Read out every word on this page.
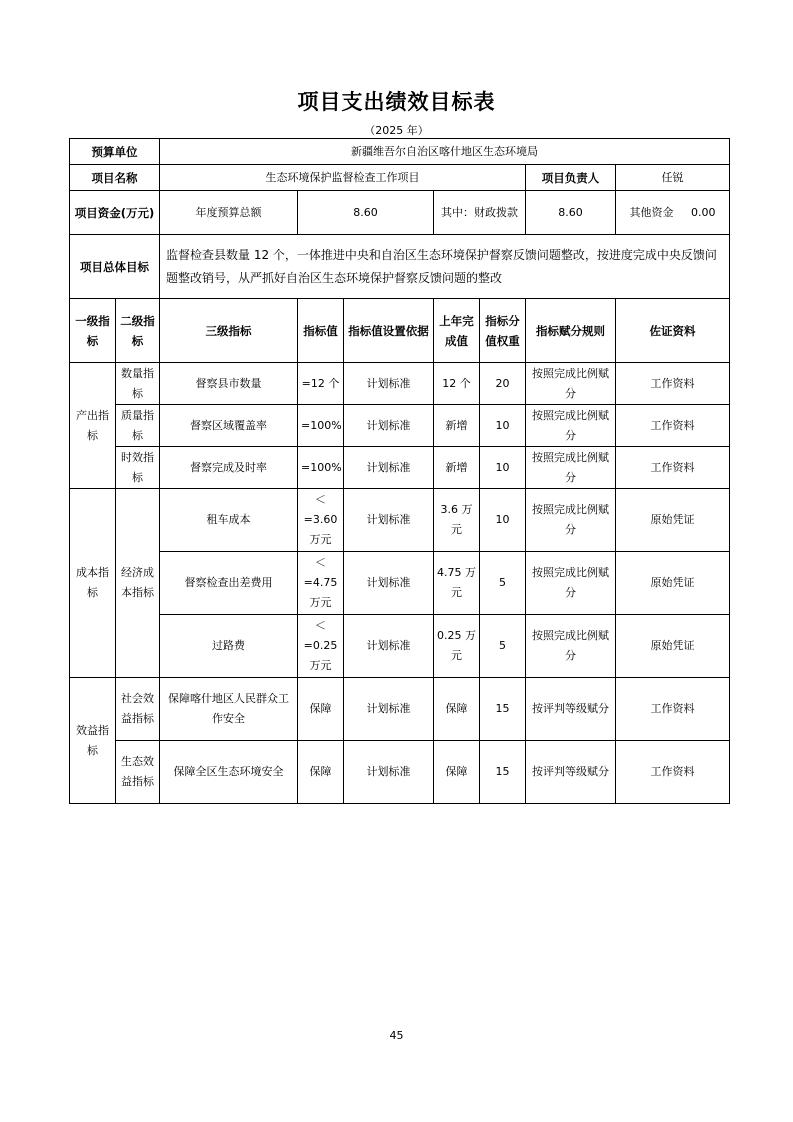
项目支出绩效目标表
（2025 年）
预算单位		新疆维吾尔自治区喀什地区生态环境局						
项目名称		生态环境保护监督检查工作项目					项目负责人	任锐
项目资金(万元)		年度预算总额	8.60		其中：财政拨款		8.60	其他资金 0.00
项目总体目标		监督检查县数量 12 个，一体推进中央和自治区生态环境保护督察反馈问题整改，按进度完成中央反馈问题整改销号，从严抓好自治区生态环境保护督察反馈问题的整改						
一级指标	二级指标	三级指标	指标值	指标值设置依据	上年完成值	指标分值权重	指标赋分规则	佐证资料
产出指标	数量指标	督察县市数量	=12 个	计划标准	12 个	20	按照完成比例赋分	工作资料
	质量指标	督察区域覆盖率	=100%	计划标准	新增	10	按照完成比例赋分	工作资料
	时效指标	督察完成及时率	=100%	计划标准	新增	10	按照完成比例赋分	工作资料
成本指标	经济成本指标	租车成本	＜=3.60 万元	计划标准	3.6 万元	10	按照完成比例赋分	原始凭证
		督察检查出差费用	＜=4.75 万元	计划标准	4.75 万元	5	按照完成比例赋分	原始凭证
		过路费	＜=0.25 万元	计划标准	0.25 万元	5	按照完成比例赋分	原始凭证
效益指标	社会效益指标	保障喀什地区人民群众工作安全	保障	计划标准	保障	15	按评判等级赋分	工作资料
	生态效益指标	保障全区生态环境安全	保障	计划标准	保障	15	按评判等级赋分	工作资料
45
